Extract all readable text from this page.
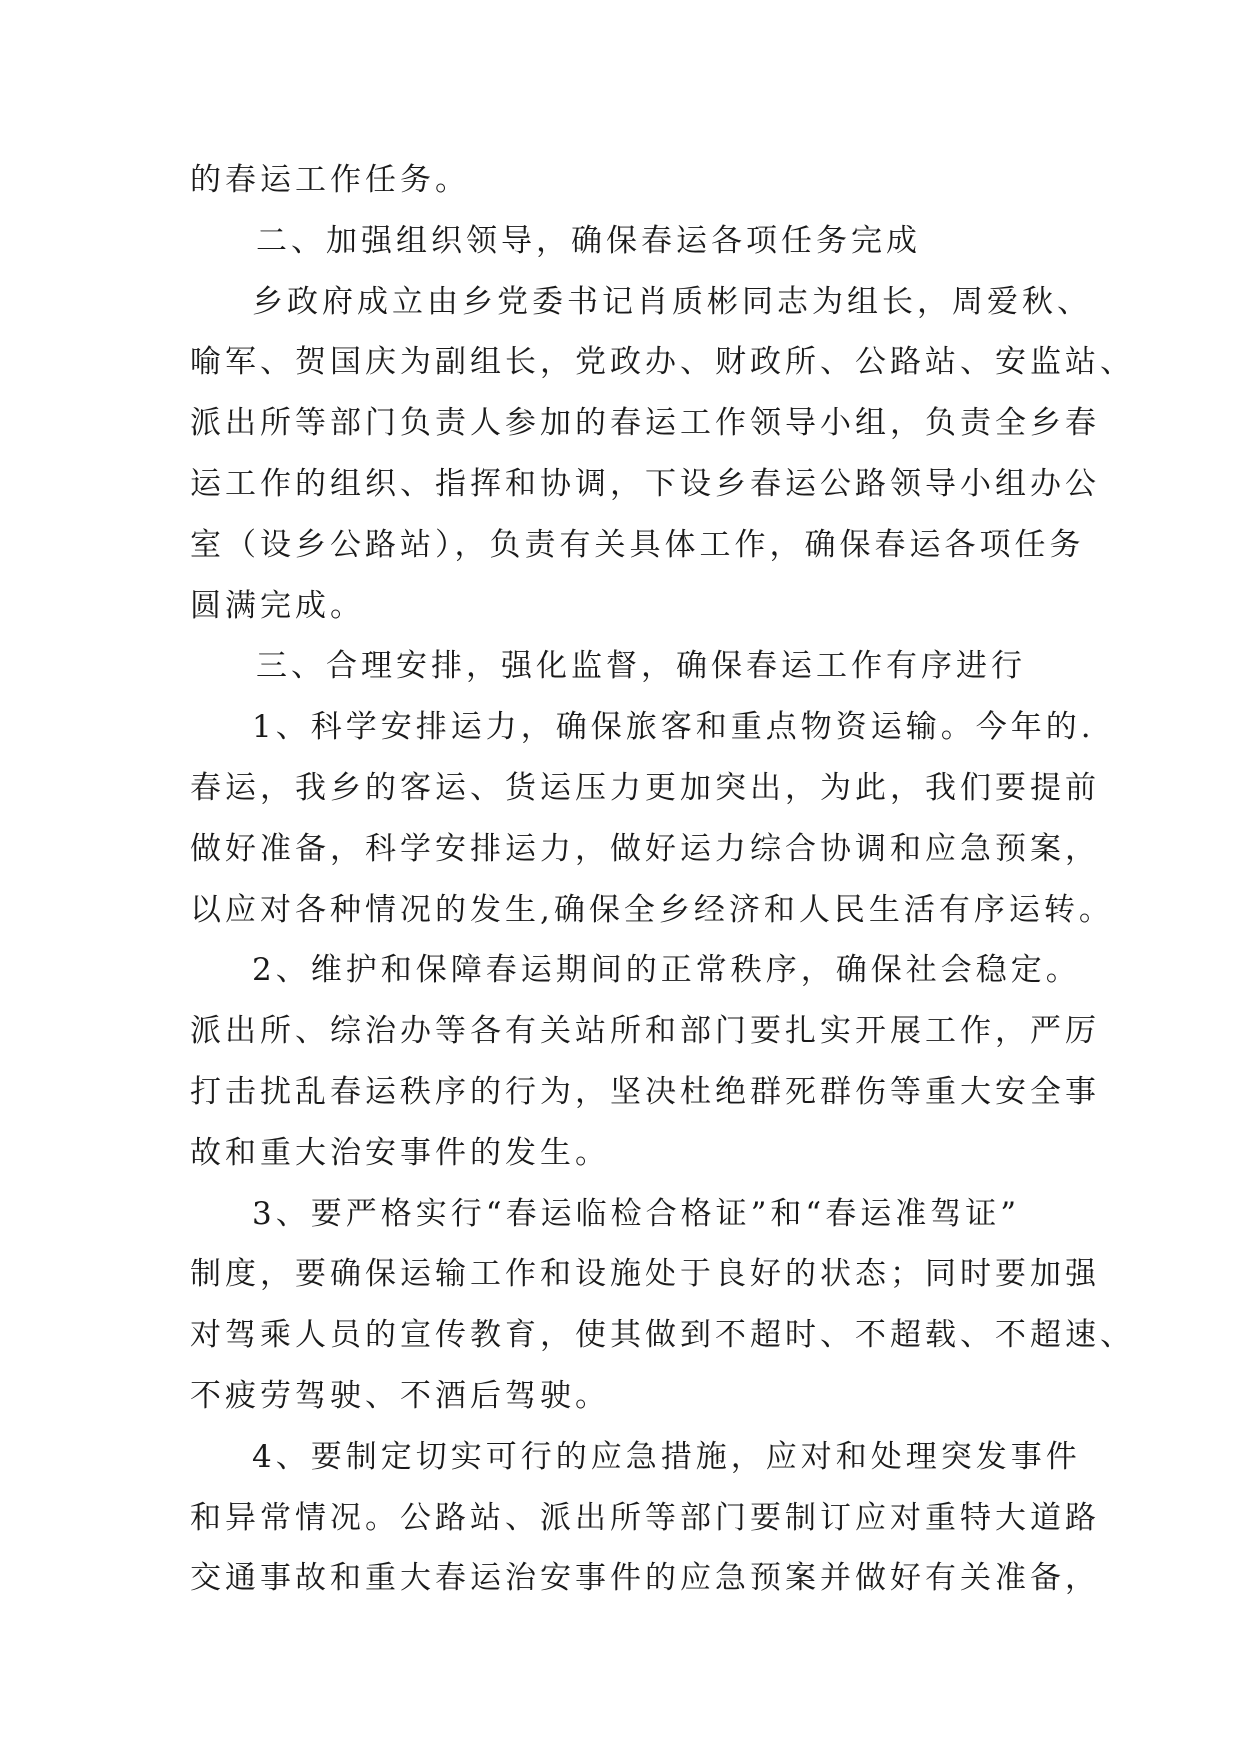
的春运工作任务。
二、加强组织领导，确保春运各项任务完成
乡政府成立由乡党委书记肖质彬同志为组长，周爱秋、
喻军、贺国庆为副组长，党政办、财政所、公路站、安监站、
派出所等部门负责人参加的春运工作领导小组，负责全乡春
运工作的组织、指挥和协调，下设乡春运公路领导小组办公
室（设乡公路站），负责有关具体工作，确保春运各项任务
圆满完成。
三、合理安排，强化监督，确保春运工作有序进行
1、科学安排运力，确保旅客和重点物资运输。今年的.
春运，我乡的客运、货运压力更加突出，为此，我们要提前
做好准备，科学安排运力，做好运力综合协调和应急预案，
以应对各种情况的发生,确保全乡经济和人民生活有序运转。
2、维护和保障春运期间的正常秩序，确保社会稳定。
派出所、综治办等各有关站所和部门要扎实开展工作，严厉
打击扰乱春运秩序的行为，坚决杜绝群死群伤等重大安全事
故和重大治安事件的发生。
3、要严格实行“春运临检合格证”和“春运准驾证”
制度，要确保运输工作和设施处于良好的状态；同时要加强
对驾乘人员的宣传教育，使其做到不超时、不超载、不超速、
不疲劳驾驶、不酒后驾驶。
4、要制定切实可行的应急措施，应对和处理突发事件
和异常情况。公路站、派出所等部门要制订应对重特大道路
交通事故和重大春运治安事件的应急预案并做好有关准备，
